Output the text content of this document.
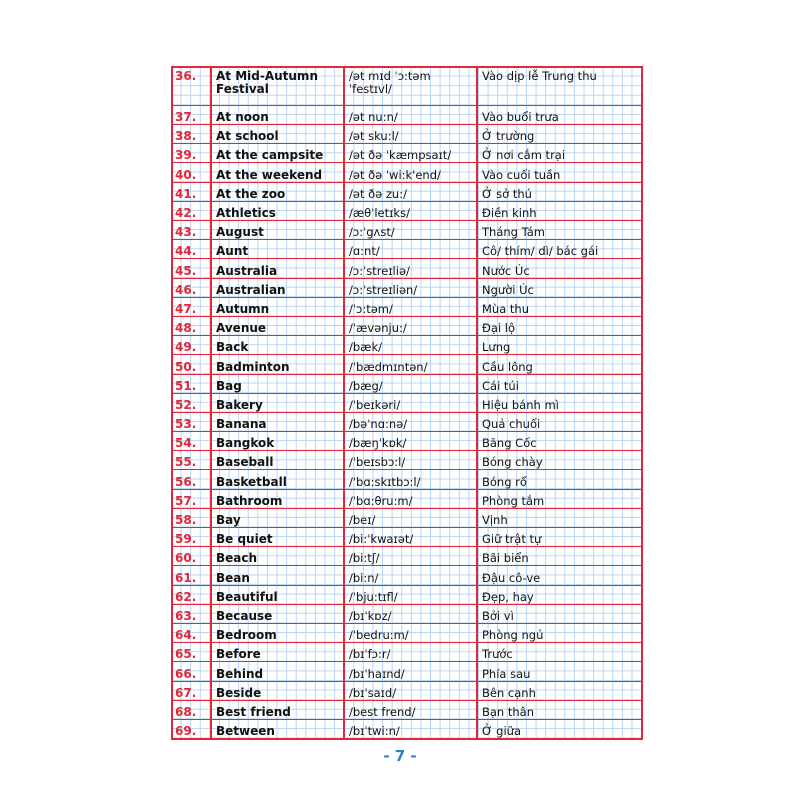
36.	At Mid-Autumn Festival	/ət mɪd ˈɔ:təm ˈfestɪvl/	Vào dịp lễ Trung thu
37.	At noon	/ət nu:n/	Vào buổi trưa
38.	At school	/ət sku:l/	Ở trường
39.	At the campsite	/ət ðə ˈkæmpsaɪt/	Ở nơi cắm trại
40.	At the weekend	/ət ðə ˈwi:k'end/	Vào cuối tuần
41.	At the zoo	/ət ðə zu:/	Ở sở thú
42.	Athletics	/æθˈletɪks/	Điền kinh
43.	August	/ɔ:ˈgʌst/	Tháng Tám
44.	Aunt	/ɑ:nt/	Cô/ thím/ dì/ bác gái
45.	Australia	/ɔ:ˈstreɪliə/	Nước Úc
46.	Australian	/ɔ:ˈstreɪliən/	Người Úc
47.	Autumn	/ˈɔ:təm/	Mùa thu
48.	Avenue	/ˈævənju:/	Đại lộ
49.	Back	/bæk/	Lưng
50.	Badminton	/ˈbædmɪntən/	Cầu lông
51.	Bag	/bæg/	Cái túi
52.	Bakery	/ˈbeɪkəri/	Hiệu bánh mì
53.	Banana	/bəˈnɑ:nə/	Quả chuối
54.	Bangkok	/bæŋˈkɒk/	Băng Cốc
55.	Baseball	/ˈbeɪsbɔ:l/	Bóng chày
56.	Basketball	/ˈbɑ:skɪtbɔ:l/	Bóng rổ
57.	Bathroom	/ˈbɑ:θru:m/	Phòng tắm
58.	Bay	/beɪ/	Vịnh
59.	Be quiet	/bi:ˈkwaɪət/	Giữ trật tự
60.	Beach	/bi:tʃ/	Bãi biển
61.	Bean	/bi:n/	Đậu cô-ve
62.	Beautiful	/ˈbju:tɪfl/	Đẹp, hay
63.	Because	/bɪˈkɒz/	Bởi vì
64.	Bedroom	/ˈbedru:m/	Phòng ngủ
65.	Before	/bɪˈfɔ:r/	Trước
66.	Behind	/bɪˈhaɪnd/	Phía sau
67.	Beside	/bɪˈsaɪd/	Bên cạnh
68.	Best friend	/best frend/	Bạn thân
69.	Between	/bɪˈtwi:n/	Ở giữa
- 7 -
